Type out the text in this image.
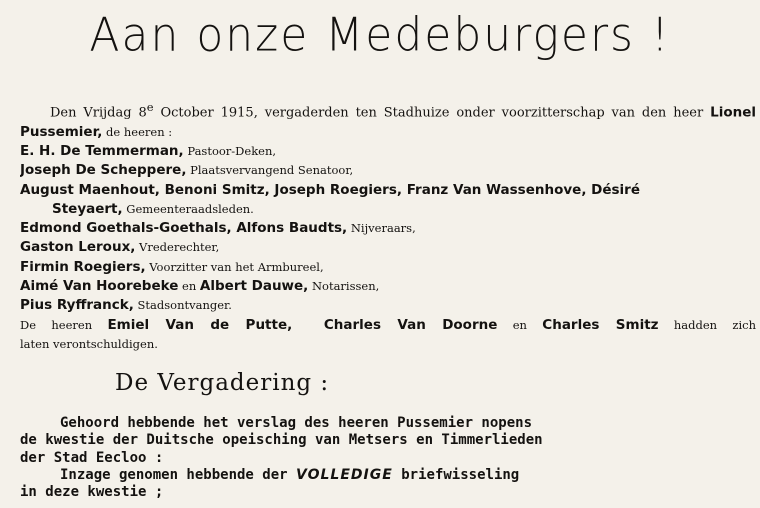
Aan onze Medeburgers !
Den Vrijdag 8e October 1915, vergaderden ten Stadhuize onder voorzitterschap van den heer Lionel
Pussemier, de heeren :
E. H. De Temmerman, Pastoor-Deken,
Joseph De Scheppere, Plaatsvervangend Senatoor,
August Maenhout, Benoni Smitz, Joseph Roegiers, Franz Van Wassenhove, Désiré
Steyaert, Gemeenteraadsleden.
Edmond Goethals-Goethals, Alfons Baudts, Nijveraars,
Gaston Leroux, Vrederechter,
Firmin Roegiers, Voorzitter van het Armbureel,
Aimé Van Hoorebeke en Albert Dauwe, Notarissen,
Pius Ryffranck, Stadsontvanger.
De heeren Emiel Van de Putte, Charles Van Doorne en Charles Smitz hadden zich
laten verontschuldigen.
De Vergadering :
Gehoord hebbende het verslag des heeren Pussemier nopens
de kwestie der Duitsche opeisching van Metsers en Timmerlieden
der Stad Eecloo :
Inzage genomen hebbende der VOLLEDIGE briefwisseling
in deze kwestie ;
